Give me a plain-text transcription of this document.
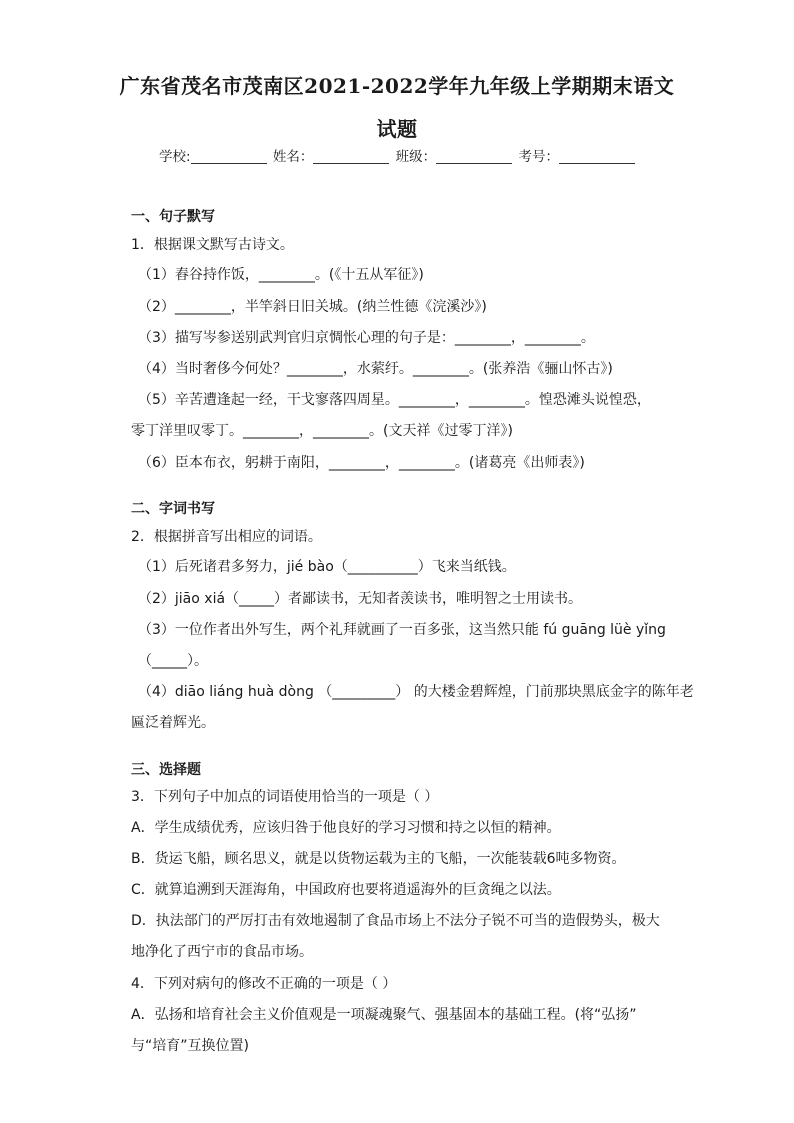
广东省茂名市茂南区2021-2022学年九年级上学期期末语文
试题
学校:	姓名：	班级：	考号：
一、句子默写
1．根据课文默写古诗文。
（1）舂谷持作饭，________。(《十五从军征》)
（2）________，半竿斜日旧关城。(纳兰性德《浣溪沙》)
（3）描写岑参送别武判官归京惆怅心理的句子是：________，________。
（4）当时奢侈今何处？________，水萦纡。________。(张养浩《骊山怀古》)
（5）辛苦遭逢起一经，干戈寥落四周星。________，________。惶恐滩头说惶恐，
零丁洋里叹零丁。________，________。(文天祥《过零丁洋》)
（6）臣本布衣，躬耕于南阳，________，________。(诸葛亮《出师表》)
二、字词书写
2．根据拼音写出相应的词语。
（1）后死诸君多努力，jié bào（__________）飞来当纸钱。
（2）jiāo xiá（_____）者鄙读书，无知者羡读书，唯明智之士用读书。
（3）一位作者出外写生，两个礼拜就画了一百多张，这当然只能 fú guāng lüè yǐng
（_____）。
（4）diāo liáng huà dòng （_________） 的大楼金碧辉煌，门前那块黑底金字的陈年老
匾泛着辉光。
三、选择题
3．下列句子中加点的词语使用恰当的一项是（ ）
A．学生成绩优秀，应该归咎于他良好的学习习惯和持之以恒的精神。
B．货运飞船，顾名思义，就是以货物运载为主的飞船，一次能装载6吨多物资。
C．就算追溯到天涯海角，中国政府也要将逍遥海外的巨贪绳之以法。
D．执法部门的严厉打击有效地遏制了食品市场上不法分子锐不可当的造假势头，极大
地净化了西宁市的食品市场。
4．下列对病句的修改不正确的一项是（ ）
A．弘扬和培育社会主义价值观是一项凝魂聚气、强基固本的基础工程。(将“弘扬”
与“培育”互换位置)
